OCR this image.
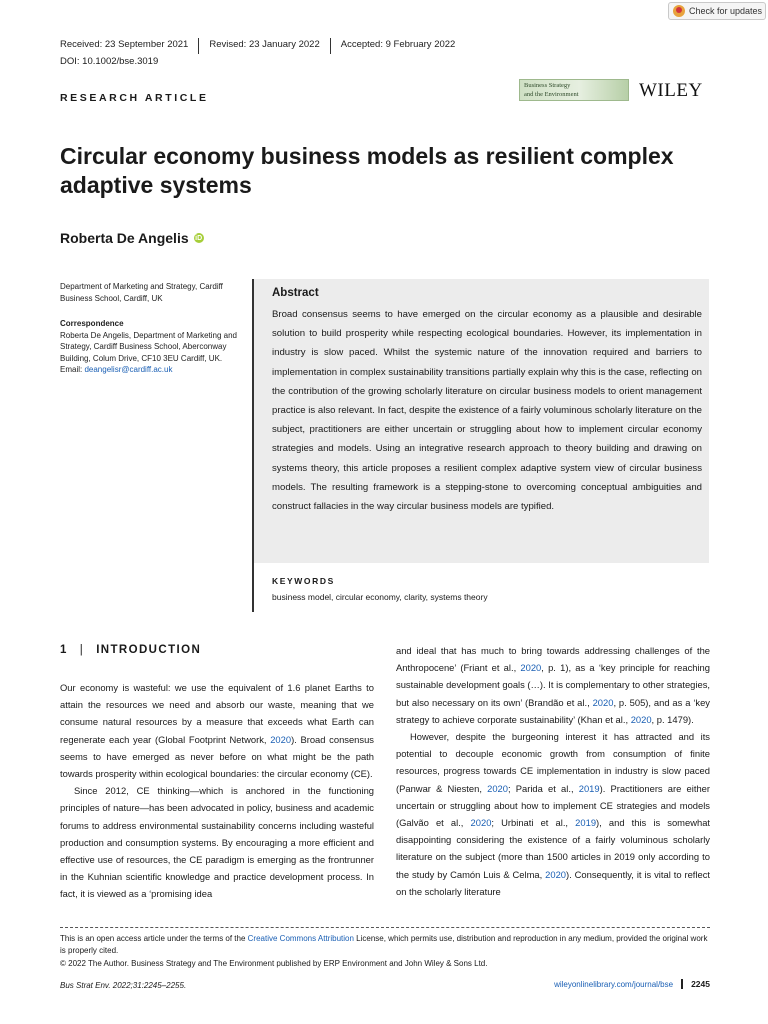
Check for updates
Received: 23 September 2021	Revised: 23 January 2022	Accepted: 9 February 2022
DOI: 10.1002/bse.3019
RESEARCH ARTICLE
Business Strategy
and the Environment	WILEY
Circular economy business models as resilient complex adaptive systems
Roberta De Angelis iD

Department of Marketing and Strategy, Cardiff Business School, Cardiff, UK

Correspondence
Roberta De Angelis, Department of Marketing and Strategy, Cardiff Business School, Aberconway Building, Colum Drive, CF10 3EU Cardiff, UK.
Email: deangelisr@cardiff.ac.uk
Abstract
Broad consensus seems to have emerged on the circular economy as a plausible and desirable solution to build prosperity while respecting ecological boundaries. However, its implementation in industry is slow paced. Whilst the systemic nature of the innovation required and barriers to implementation in complex sustainability transitions partially explain why this is the case, reflecting on the contribution of the growing scholarly literature on circular business models to orient management practice is also relevant. In fact, despite the existence of a fairly voluminous scholarly literature on the subject, practitioners are either uncertain or struggling about how to implement circular economy strategies and models. Using an integrative research approach to theory building and drawing on systems theory, this article proposes a resilient complex adaptive system view of circular business models. The resulting framework is a stepping-stone to overcoming conceptual ambiguities and construct fallacies in the way circular business models are typified.
KEYWORDS
business model, circular economy, clarity, systems theory
1 | INTRODUCTION

Our economy is wasteful: we use the equivalent of 1.6 planet Earths to attain the resources we need and absorb our waste, meaning that we consume natural resources by a measure that exceeds what Earth can regenerate each year (Global Footprint Network, 2020). Broad consensus seems to have emerged as never before on what might be the path towards prosperity within ecological boundaries: the circular economy (CE).

Since 2012, CE thinking—which is anchored in the functioning principles of nature—has been advocated in policy, business and academic forums to address environmental sustainability concerns including wasteful production and consumption systems. By encouraging a more efficient and effective use of resources, the CE paradigm is emerging as the frontrunner in the Kuhnian scientific knowledge and practice development process. In fact, it is viewed as a ‘promising idea

and ideal that has much to bring towards addressing challenges of the Anthropocene’ (Friant et al., 2020, p. 1), as a ‘key principle for reaching sustainable development goals (…). It is complementary to other strategies, but also necessary on its own’ (Brandão et al., 2020, p. 505), and as a ‘key strategy to achieve corporate sustainability’ (Khan et al., 2020, p. 1479).

However, despite the burgeoning interest it has attracted and its potential to decouple economic growth from consumption of finite resources, progress towards CE implementation in industry is slow paced (Panwar & Niesten, 2020; Parida et al., 2019). Practitioners are either uncertain or struggling about how to implement CE strategies and models (Galvão et al., 2020; Urbinati et al., 2019), and this is somewhat disappointing considering the existence of a fairly voluminous scholarly literature on the subject (more than 1500 articles in 2019 only according to the study by Camón Luis & Celma, 2020). Consequently, it is vital to reflect on the scholarly literature

This is an open access article under the terms of the Creative Commons Attribution License, which permits use, distribution and reproduction in any medium, provided the original work is properly cited.
© 2022 The Author. Business Strategy and The Environment published by ERP Environment and John Wiley & Sons Ltd.
Bus Strat Env. 2022;31:2245–2255.	wileyonlinelibrary.com/journal/bse	2245
